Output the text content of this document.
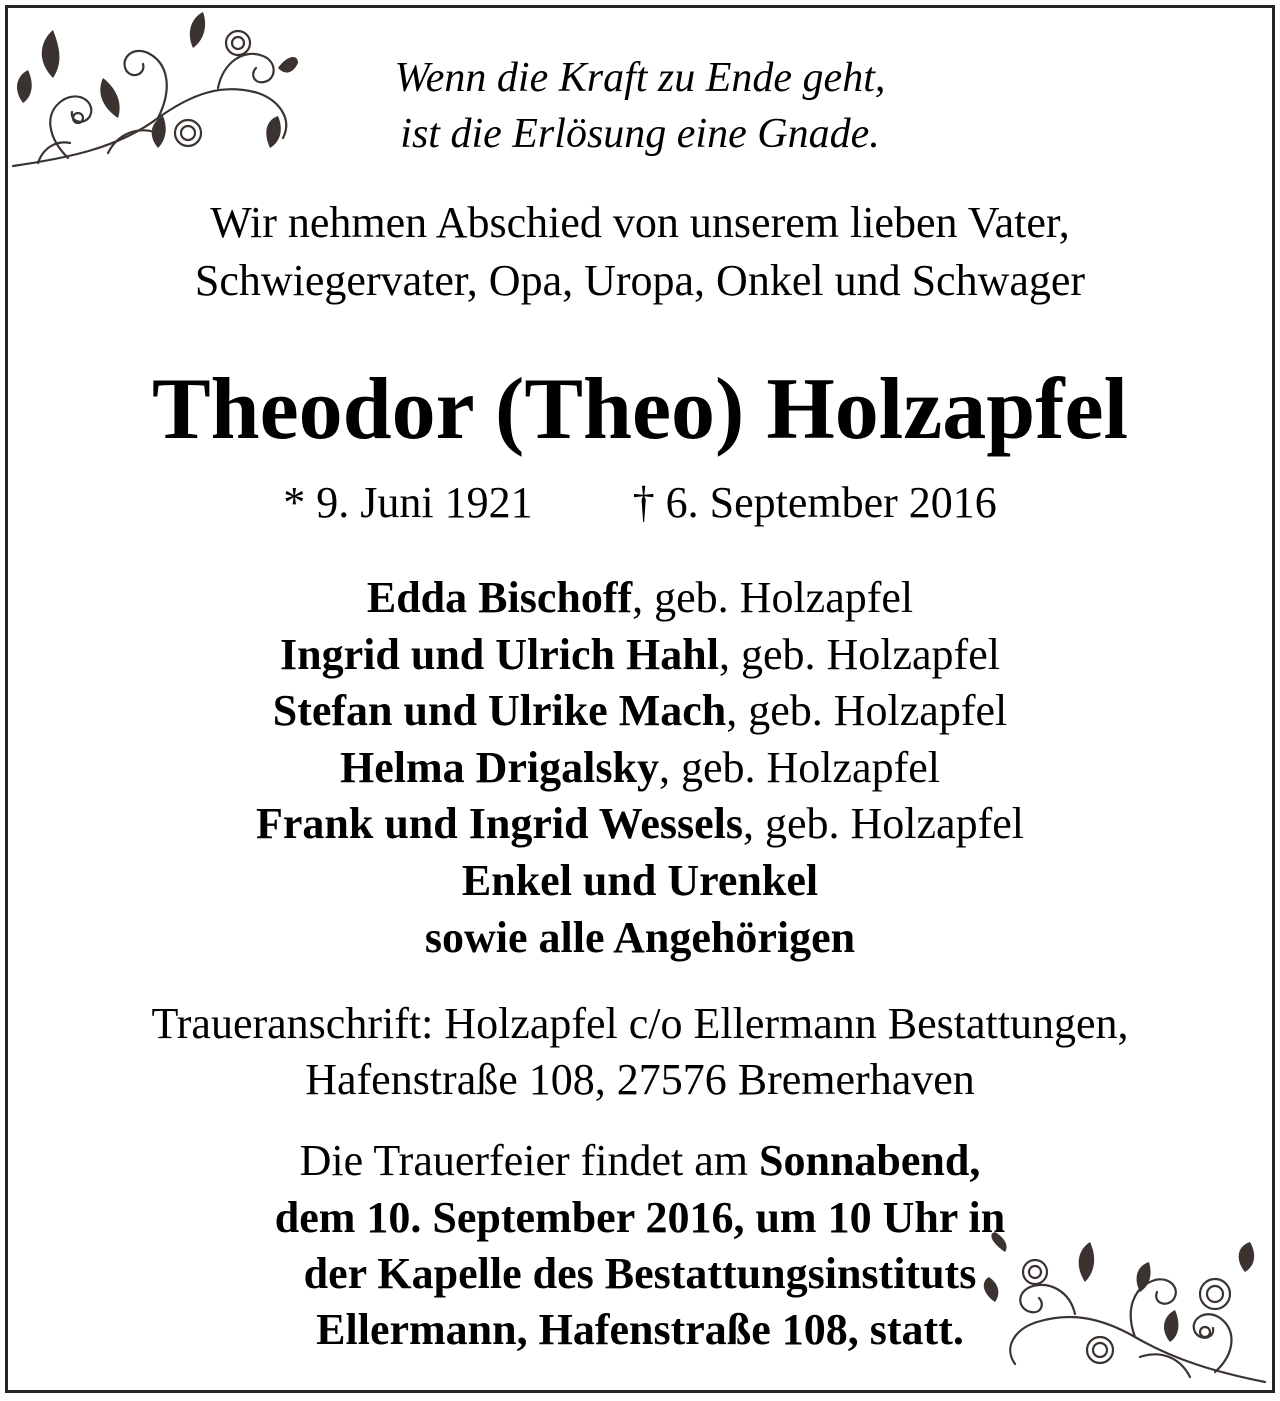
Wenn die Kraft zu Ende geht,
ist die Erlösung eine Gnade.
Wir nehmen Abschied von unserem lieben Vater,
Schwiegervater, Opa, Uropa, Onkel und Schwager
Theodor (Theo) Holzapfel
* 9. Juni 1921 † 6. September 2016
Edda Bischoff, geb. Holzapfel
Ingrid und Ulrich Hahl, geb. Holzapfel
Stefan und Ulrike Mach, geb. Holzapfel
Helma Drigalsky, geb. Holzapfel
Frank und Ingrid Wessels, geb. Holzapfel
Enkel und Urenkel
sowie alle Angehörigen
Traueranschrift: Holzapfel c/o Ellermann Bestattungen,
Hafenstraße 108, 27576 Bremerhaven
Die Trauerfeier findet am Sonnabend,
dem 10. September 2016, um 10 Uhr in
der Kapelle des Bestattungsinstituts
Ellermann, Hafenstraße 108, statt.
